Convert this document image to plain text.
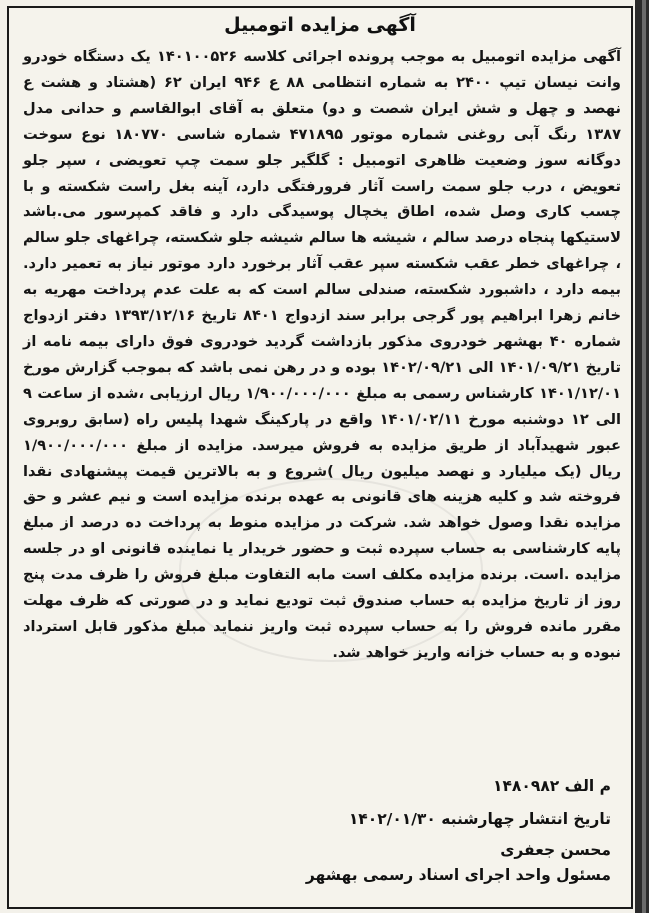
آگهی مزایده اتومبیل
آگهی مزایده اتومبیل به موجب پرونده اجرائی کلاسه ۱۴۰۱۰۰۵۲۶ یک دستگاه خودرو وانت نیسان تیپ ۲۴۰۰ به شماره انتظامی ۸۸ ع ۹۴۶ ایران ۶۲ (هشتاد و هشت ع نهصد و چهل و شش ایران شصت و دو) متعلق به آقای ابوالقاسم و حدانی مدل ۱۳۸۷ رنگ آبی روغنی شماره موتور ۴۷۱۸۹۵ شماره شاسی ۱۸۰۷۷۰ نوع سوخت دوگانه سوز وضعیت ظاهری اتومبیل : گلگیر جلو سمت چپ تعویضی ، سپر جلو تعویض ، درب جلو سمت راست آثار فرورفتگی دارد، آینه بغل راست شکسته و با چسب کاری وصل شده، اطاق یخچال پوسیدگی دارد و فاقد کمپرسور می.باشد لاستیکها پنجاه درصد سالم ، شیشه ها سالم شیشه جلو شکسته، چراغهای جلو سالم ، چراغهای خطر عقب شکسته سپر عقب آثار برخورد دارد موتور نیاز به تعمیر دارد. بیمه دارد ، داشبورد شکسته، صندلی سالم است که به علت عدم پرداخت مهریه به خانم زهرا ابراهیم پور گرجی برابر سند ازدواج ۸۴۰۱ تاریخ ۱۳۹۳/۱۲/۱۶ دفتر ازدواج شماره ۴۰ بهشهر خودروی مذکور بازداشت گردید خودروی فوق دارای بیمه نامه از تاریخ ۱۴۰۱/۰۹/۲۱ الی ۱۴۰۲/۰۹/۲۱ بوده و در رهن نمی باشد که بموجب گزارش مورخ ۱۴۰۱/۱۲/۰۱ کارشناس رسمی به مبلغ ۱/۹۰۰/۰۰۰/۰۰۰ ریال ارزیابی ،شده از ساعت ۹ الی ۱۲ دوشنبه مورخ ۱۴۰۱/۰۲/۱۱ واقع در پارکینگ شهدا پلیس راه (سابق روبروی عبور شهیدآباد از طریق مزایده به فروش میرسد. مزایده از مبلغ ۱/۹۰۰/۰۰۰/۰۰۰ ریال (یک میلیارد و نهصد میلیون ریال )شروع و به بالاترین قیمت پیشنهادی نقدا فروخته شد و کلیه هزینه های قانونی به عهده برنده مزایده است و نیم عشر و حق مزایده نقدا وصول خواهد شد. شرکت در مزایده منوط به پرداخت ده درصد از مبلغ پایه کارشناسی به حساب سپرده ثبت و حضور خریدار یا نماینده قانونی او در جلسه مزایده .است. برنده مزایده مکلف است مابه التفاوت مبلغ فروش را ظرف مدت پنج روز از تاریخ مزایده به حساب صندوق ثبت تودیع نماید و در صورتی که ظرف مهلت مقرر مانده فروش را به حساب سپرده ثبت واریز ننماید مبلغ مذکور قابل استرداد نبوده و به حساب خزانه واریز خواهد شد.
م الف ۱۴۸۰۹۸۲
تاریخ انتشار چهارشنبه ۱۴۰۲/۰۱/۳۰
محسن جعفری
مسئول واحد اجرای اسناد رسمی بهشهر
